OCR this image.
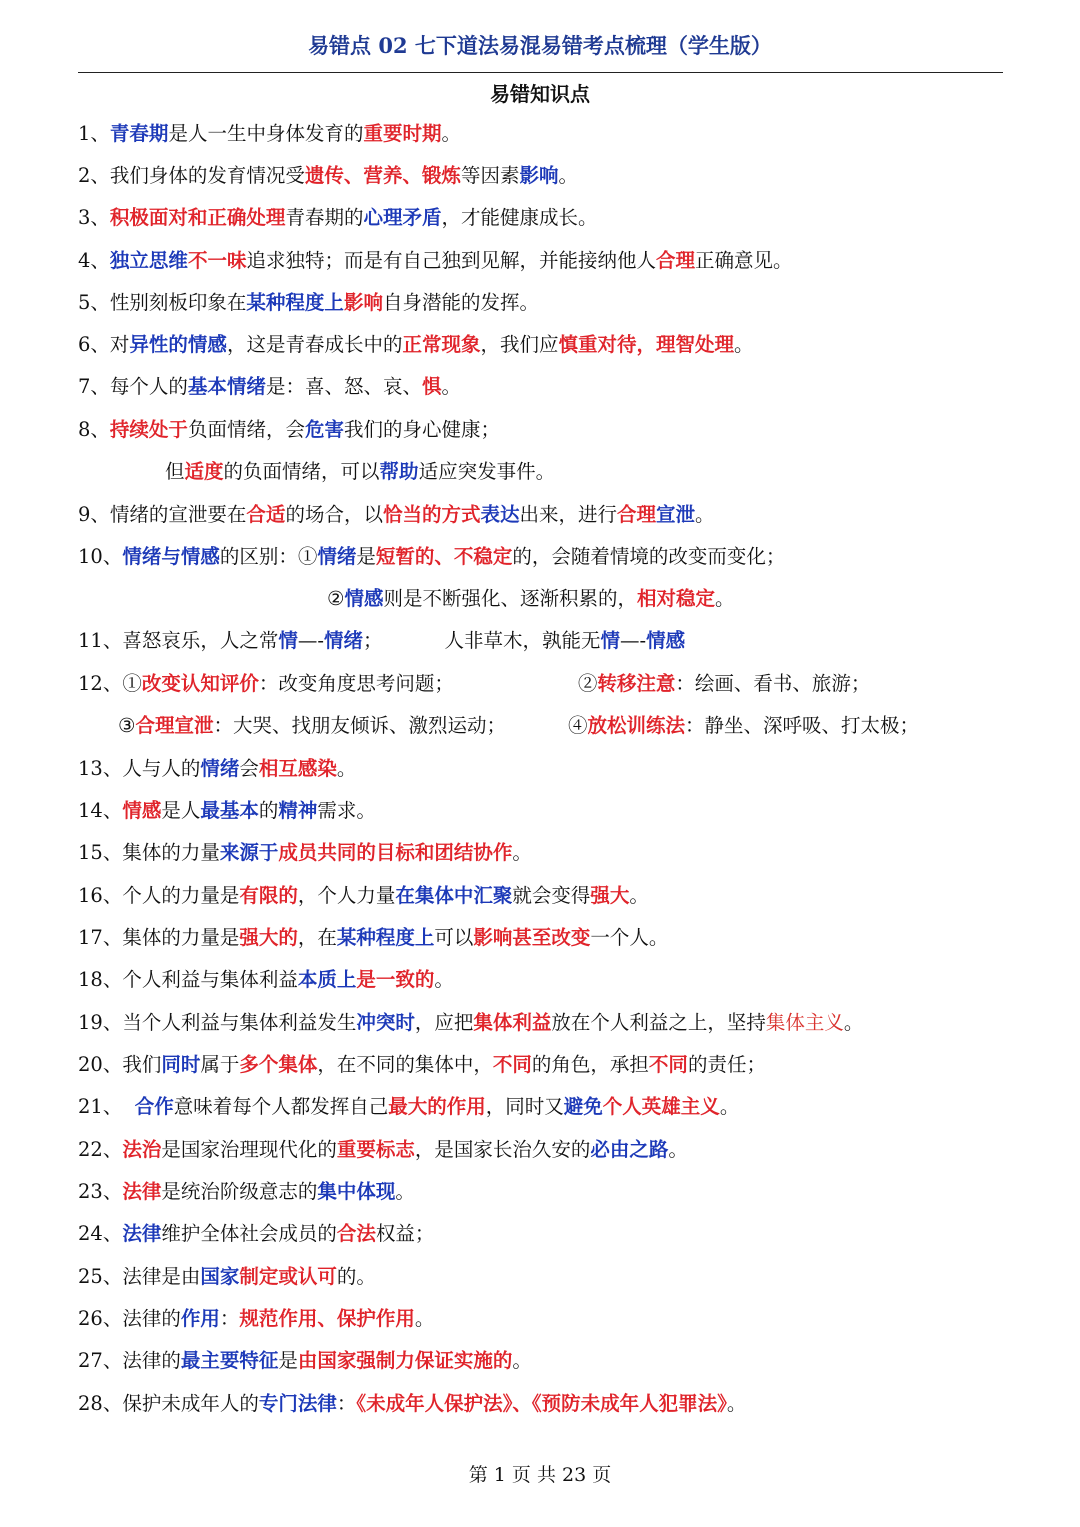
易错点 02 七下道法易混易错考点梳理（学生版）
易错知识点
1、青春期是人一生中身体发育的重要时期。
2、我们身体的发育情况受遗传、营养、锻炼等因素影响。
3、积极面对和正确处理青春期的心理矛盾，才能健康成长。
4、独立思维不一味追求独特；而是有自己独到见解，并能接纳他人合理正确意见。
5、性别刻板印象在某种程度上影响自身潜能的发挥。
6、对异性的情感，这是青春成长中的正常现象，我们应慎重对待，理智处理。
7、每个人的基本情绪是：喜、怒、哀、惧。
8、持续处于负面情绪，会危害我们的身心健康；
但适度的负面情绪，可以帮助适应突发事件。
9、情绪的宣泄要在合适的场合，以恰当的方式表达出来，进行合理宣泄。
10、情绪与情感的区别：①情绪是短暂的、不稳定的，会随着情境的改变而变化；
②情感则是不断强化、逐渐积累的，相对稳定。
11、喜怒哀乐，人之常情—-情绪；          人非草木，孰能无情—-情感
12、①改变认知评价：改变角度思考问题；                    ②转移注意：绘画、看书、旅游；
③合理宣泄：大哭、找朋友倾诉、激烈运动；          ④放松训练法：静坐、深呼吸、打太极；
13、人与人的情绪会相互感染。
14、情感是人最基本的精神需求。
15、集体的力量来源于成员共同的目标和团结协作。
16、个人的力量是有限的，个人力量在集体中汇聚就会变得强大。
17、集体的力量是强大的，在某种程度上可以影响甚至改变一个人。
18、个人利益与集体利益本质上是一致的。
19、当个人利益与集体利益发生冲突时，应把集体利益放在个人利益之上，坚持集体主义。
20、我们同时属于多个集体，在不同的集体中，不同的角色，承担不同的责任；
21、  合作意味着每个人都发挥自己最大的作用，同时又避免个人英雄主义。
22、法治是国家治理现代化的重要标志，是国家长治久安的必由之路。
23、法律是统治阶级意志的集中体现。
24、法律维护全体社会成员的合法权益；
25、法律是由国家制定或认可的。
26、法律的作用：规范作用、保护作用。
27、法律的最主要特征是由国家强制力保证实施的。
28、保护未成年人的专门法律：《未成年人保护法》、《预防未成年人犯罪法》。
第 1 页 共 23 页
